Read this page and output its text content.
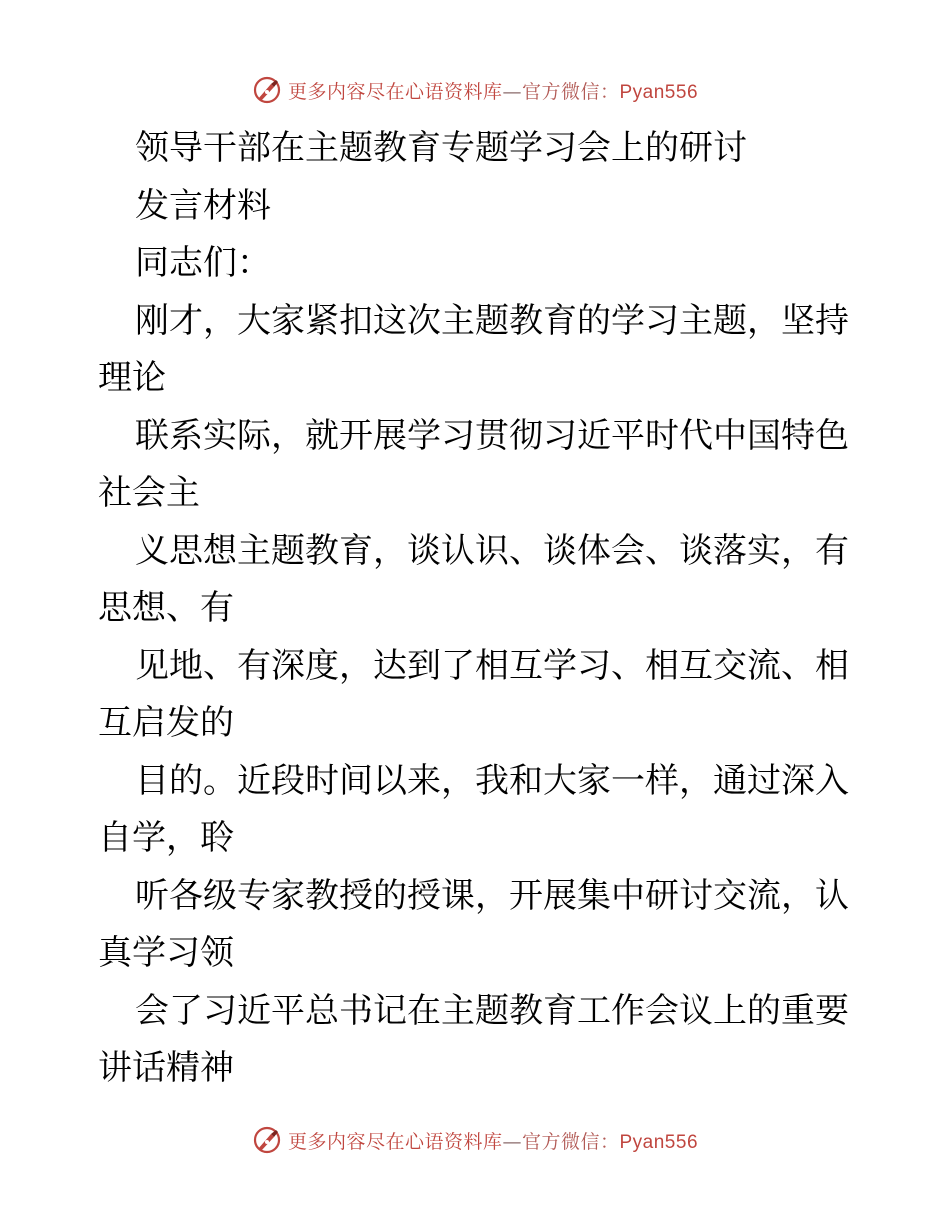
更多内容尽在心语资料库—官方微信：Pyan556
领导干部在主题教育专题学习会上的研讨
发言材料
同志们：
刚才，大家紧扣这次主题教育的学习主题，坚持
理论
联系实际，就开展学习贯彻习近平时代中国特色
社会主
义思想主题教育，谈认识、谈体会、谈落实，有
思想、有
见地、有深度，达到了相互学习、相互交流、相
互启发的
目的。近段时间以来，我和大家一样，通过深入
自学，聆
听各级专家教授的授课，开展集中研讨交流，认
真学习领
会了习近平总书记在主题教育工作会议上的重要
讲话精神
更多内容尽在心语资料库—官方微信：Pyan556
